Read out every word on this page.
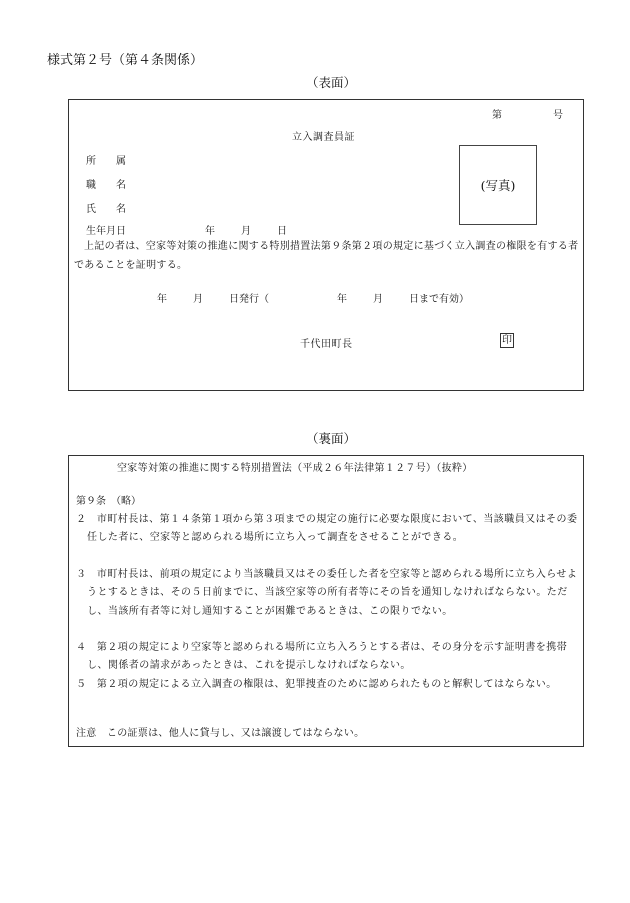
様式第２号（第４条関係）
（表面）
第	号
立入調査員証
所　　属
職　　名
氏　　名
生年月日	年	月	日
(写真)
上記の者は、空家等対策の推進に関する特別措置法第９条第２項の規定に基づく立入調査の権限を有する者であることを証明する。
年	月	日発行（	年	月	日まで有効）
千代田町長	印
（裏面）
空家等対策の推進に関する特別措置法（平成２６年法律第１２７号）（抜粋）
第９条　（略）
２　市町村長は、第１４条第１項から第３項までの規定の施行に必要な限度において、当該職員又はその委任した者に、空家等と認められる場所に立ち入って調査をさせることができる。
３　市町村長は、前項の規定により当該職員又はその委任した者を空家等と認められる場所に立ち入らせようとするときは、その５日前までに、当該空家等の所有者等にその旨を通知しなければならない。ただし、当該所有者等に対し通知することが困難であるときは、この限りでない。
４　第２項の規定により空家等と認められる場所に立ち入ろうとする者は、その身分を示す証明書を携帯し、関係者の請求があったときは、これを提示しなければならない。
５　第２項の規定による立入調査の権限は、犯罪捜査のために認められたものと解釈してはならない。
注意　この証票は、他人に貸与し、又は譲渡してはならない。
